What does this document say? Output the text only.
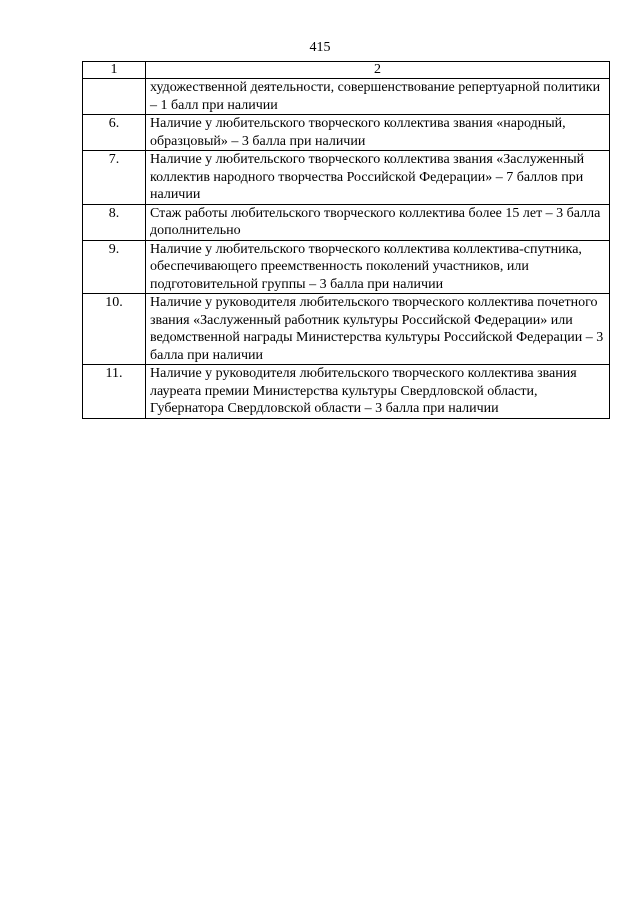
415
1	2
	художественной деятельности, совершенствование репертуарной политики – 1 балл при наличии
6.	Наличие у любительского творческого коллектива звания «народный, образцовый» – 3 балла при наличии
7.	Наличие у любительского творческого коллектива звания «Заслуженный коллектив народного творчества Российской Федерации» – 7 баллов при наличии
8.	Стаж работы любительского творческого коллектива более 15 лет – 3 балла дополнительно
9.	Наличие у любительского творческого коллектива коллектива-спутника, обеспечивающего преемственность поколений участников, или подготовительной группы – 3 балла при наличии
10.	Наличие у руководителя любительского творческого коллектива почетного звания «Заслуженный работник культуры Российской Федерации» или ведомственной награды Министерства культуры Российской Федерации – 3 балла при наличии
11.	Наличие у руководителя любительского творческого коллектива звания лауреата премии Министерства культуры Свердловской области, Губернатора Свердловской области – 3 балла при наличии
